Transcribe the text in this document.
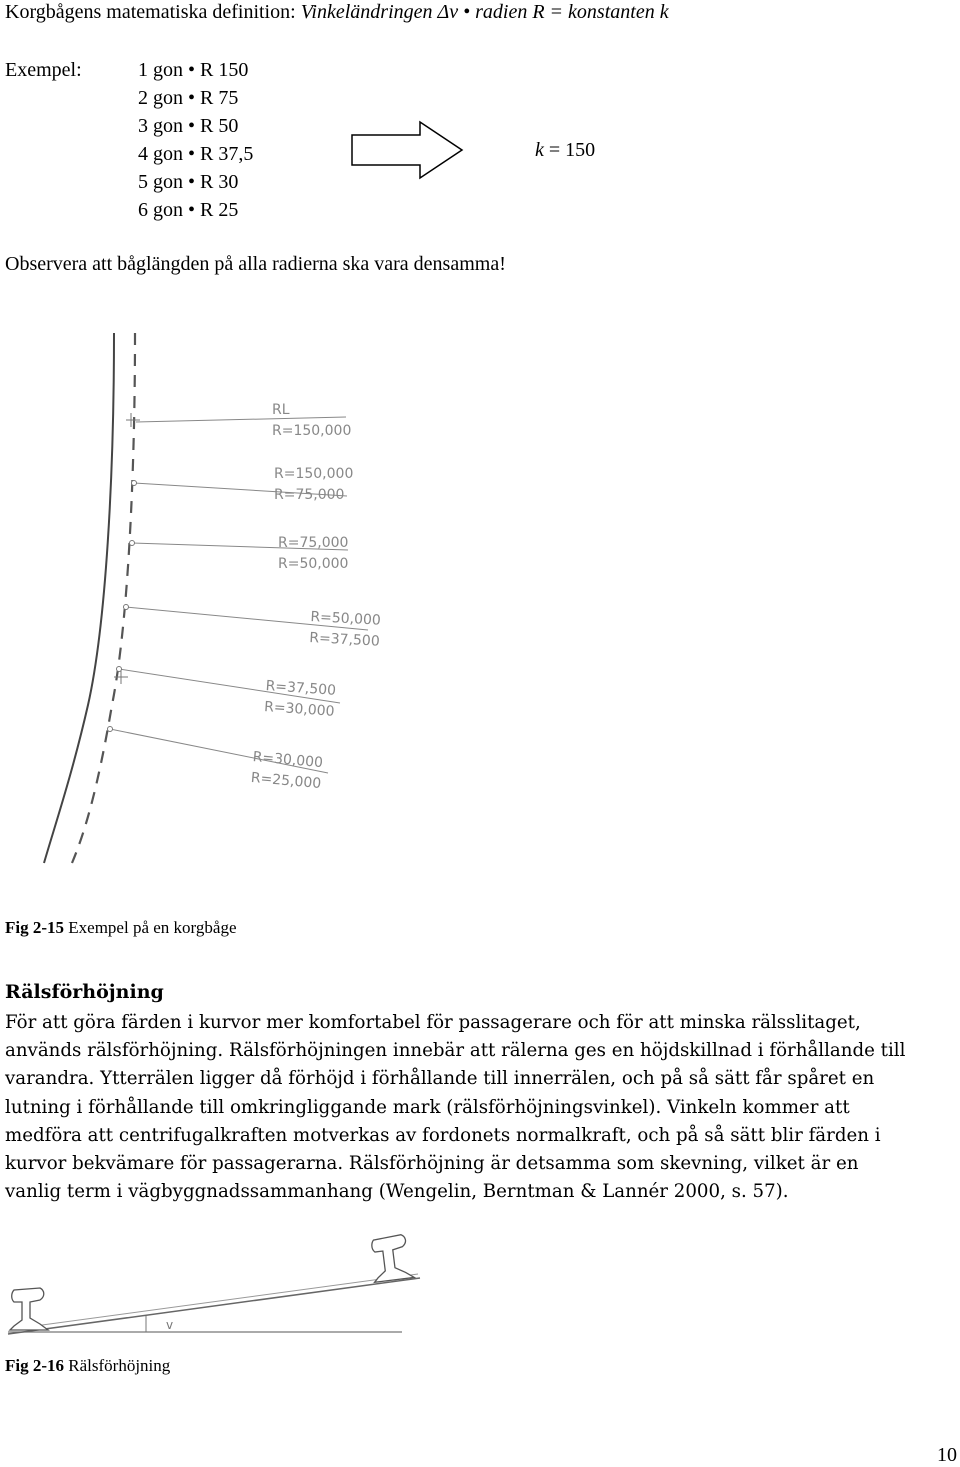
Korgbågens matematiska definition: Vinkeländringen Δv • radien R = konstanten k
Exempel:	1 gon • R 150
2 gon • R 75
3 gon • R 50
4 gon • R 37,5
5 gon • R 30
6 gon • R 25
k = 150
Observera att båglängden på alla radierna ska vara densamma!
RL
R=150,000
R=150,000
R=75,000
R=75,000
R=50,000
R=50,000
R=37,500
R=37,500
R=30,000
R=30,000
R=25,000
Fig 2-15 Exempel på en korgbåge
Rälsförhöjning
För att göra färden i kurvor mer komfortabel för passagerare och för att minska rälsslitaget,
används rälsförhöjning. Rälsförhöjningen innebär att rälerna ges en höjdskillnad i förhållande till
varandra. Ytterrälen ligger då förhöjd i förhållande till innerrälen, och på så sätt får spåret en
lutning i förhållande till omkringliggande mark (rälsförhöjningsvinkel). Vinkeln kommer att
medföra att centrifugalkraften motverkas av fordonets normalkraft, och på så sätt blir färden i
kurvor bekvämare för passagerarna. Rälsförhöjning är detsamma som skevning, vilket är en
vanlig term i vägbyggnadssammanhang (Wengelin, Berntman & Lannér 2000, s. 57).
v
Fig 2-16 Rälsförhöjning
10
